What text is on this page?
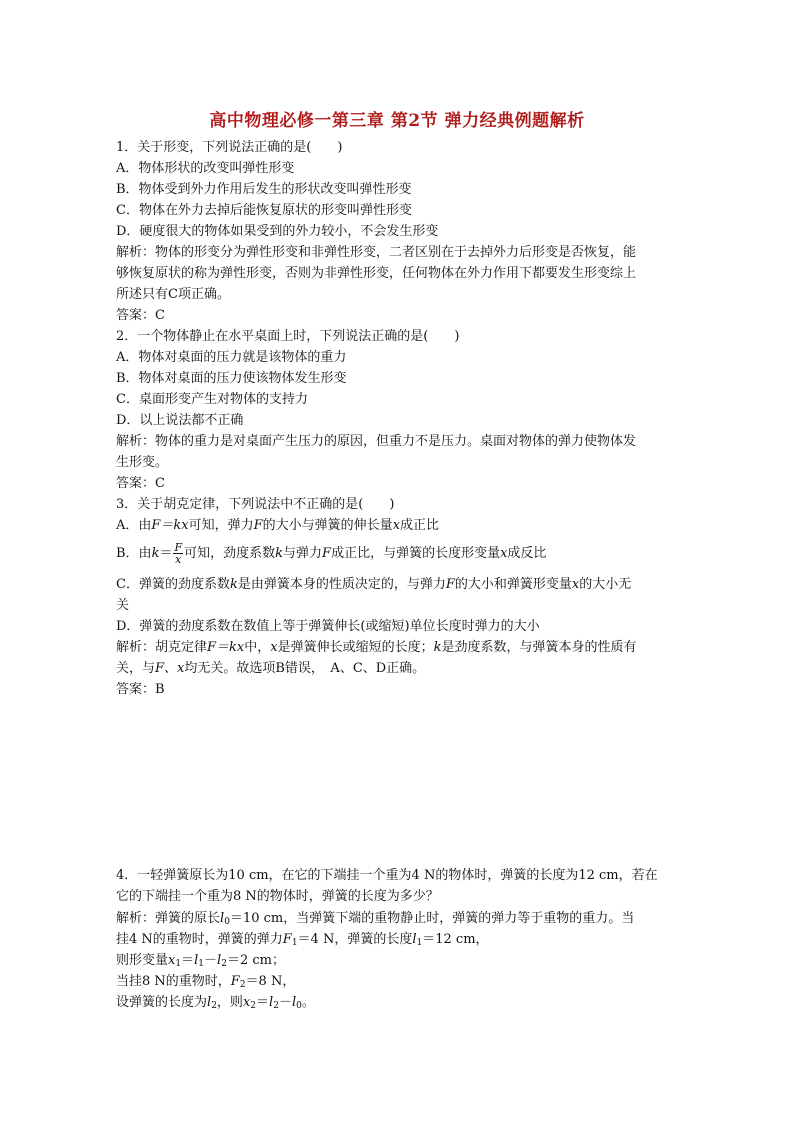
高中物理必修一第三章 第2节 弹力经典例题解析
1．关于形变，下列说法正确的是(　　)
A．物体形状的改变叫弹性形变
B．物体受到外力作用后发生的形状改变叫弹性形变
C．物体在外力去掉后能恢复原状的形变叫弹性形变
D．硬度很大的物体如果受到的外力较小，不会发生形变
解析：物体的形变分为弹性形变和非弹性形变，二者区别在于去掉外力后形变是否恢复，能
够恢复原状的称为弹性形变，否则为非弹性形变，任何物体在外力作用下都要发生形变综上
所述只有C项正确。
答案：C
2．一个物体静止在水平桌面上时，下列说法正确的是(　　)
A．物体对桌面的压力就是该物体的重力
B．物体对桌面的压力使该物体发生形变
C．桌面形变产生对物体的支持力
D．以上说法都不正确
解析：物体的重力是对桌面产生压力的原因，但重力不是压力。桌面对物体的弹力使物体发
生形变。
答案：C
3．关于胡克定律，下列说法中不正确的是(　　)
A．由F＝kx可知，弹力F的大小与弹簧的伸长量x成正比
B．由$k= \frac{F}{x}$ 可知，劲度系数k与弹力F成正比，与弹簧的长度形变量x成反比
C．弹簧的劲度系数k是由弹簧本身的性质决定的，与弹力F的大小和弹簧形变量x的大小无
关
D．弹簧的劲度系数在数值上等于弹簧伸长(或缩短)单位长度时弹力的大小
解析：胡克定律F＝kx中，x是弹簧伸长或缩短的长度；k是劲度系数，与弹簧本身的性质有
关，与F、x均无关。故选项B错误，　A、C、D正确。
答案：B
4．一轻弹簧原长为10 cm，在它的下端挂一个重为4 N的物体时，弹簧的长度为12 cm，若在
它的下端挂一个重为8 N的物体时，弹簧的长度为多少？
解析：弹簧的原长$l_0=10$ cm，当弹簧下端的重物静止时，弹簧的弹力等于重物的重力。当
挂4 N的重物时，弹簧的弹力$F_1=4$ N，弹簧的长度$l_1=12$ cm，
则形变量$x_1=l_1-l_2=2$ cm；
当挂8 N的重物时，$F_2=8$ N，
设弹簧的长度为$l_2$，则$x_2=l_2-l_0$。
